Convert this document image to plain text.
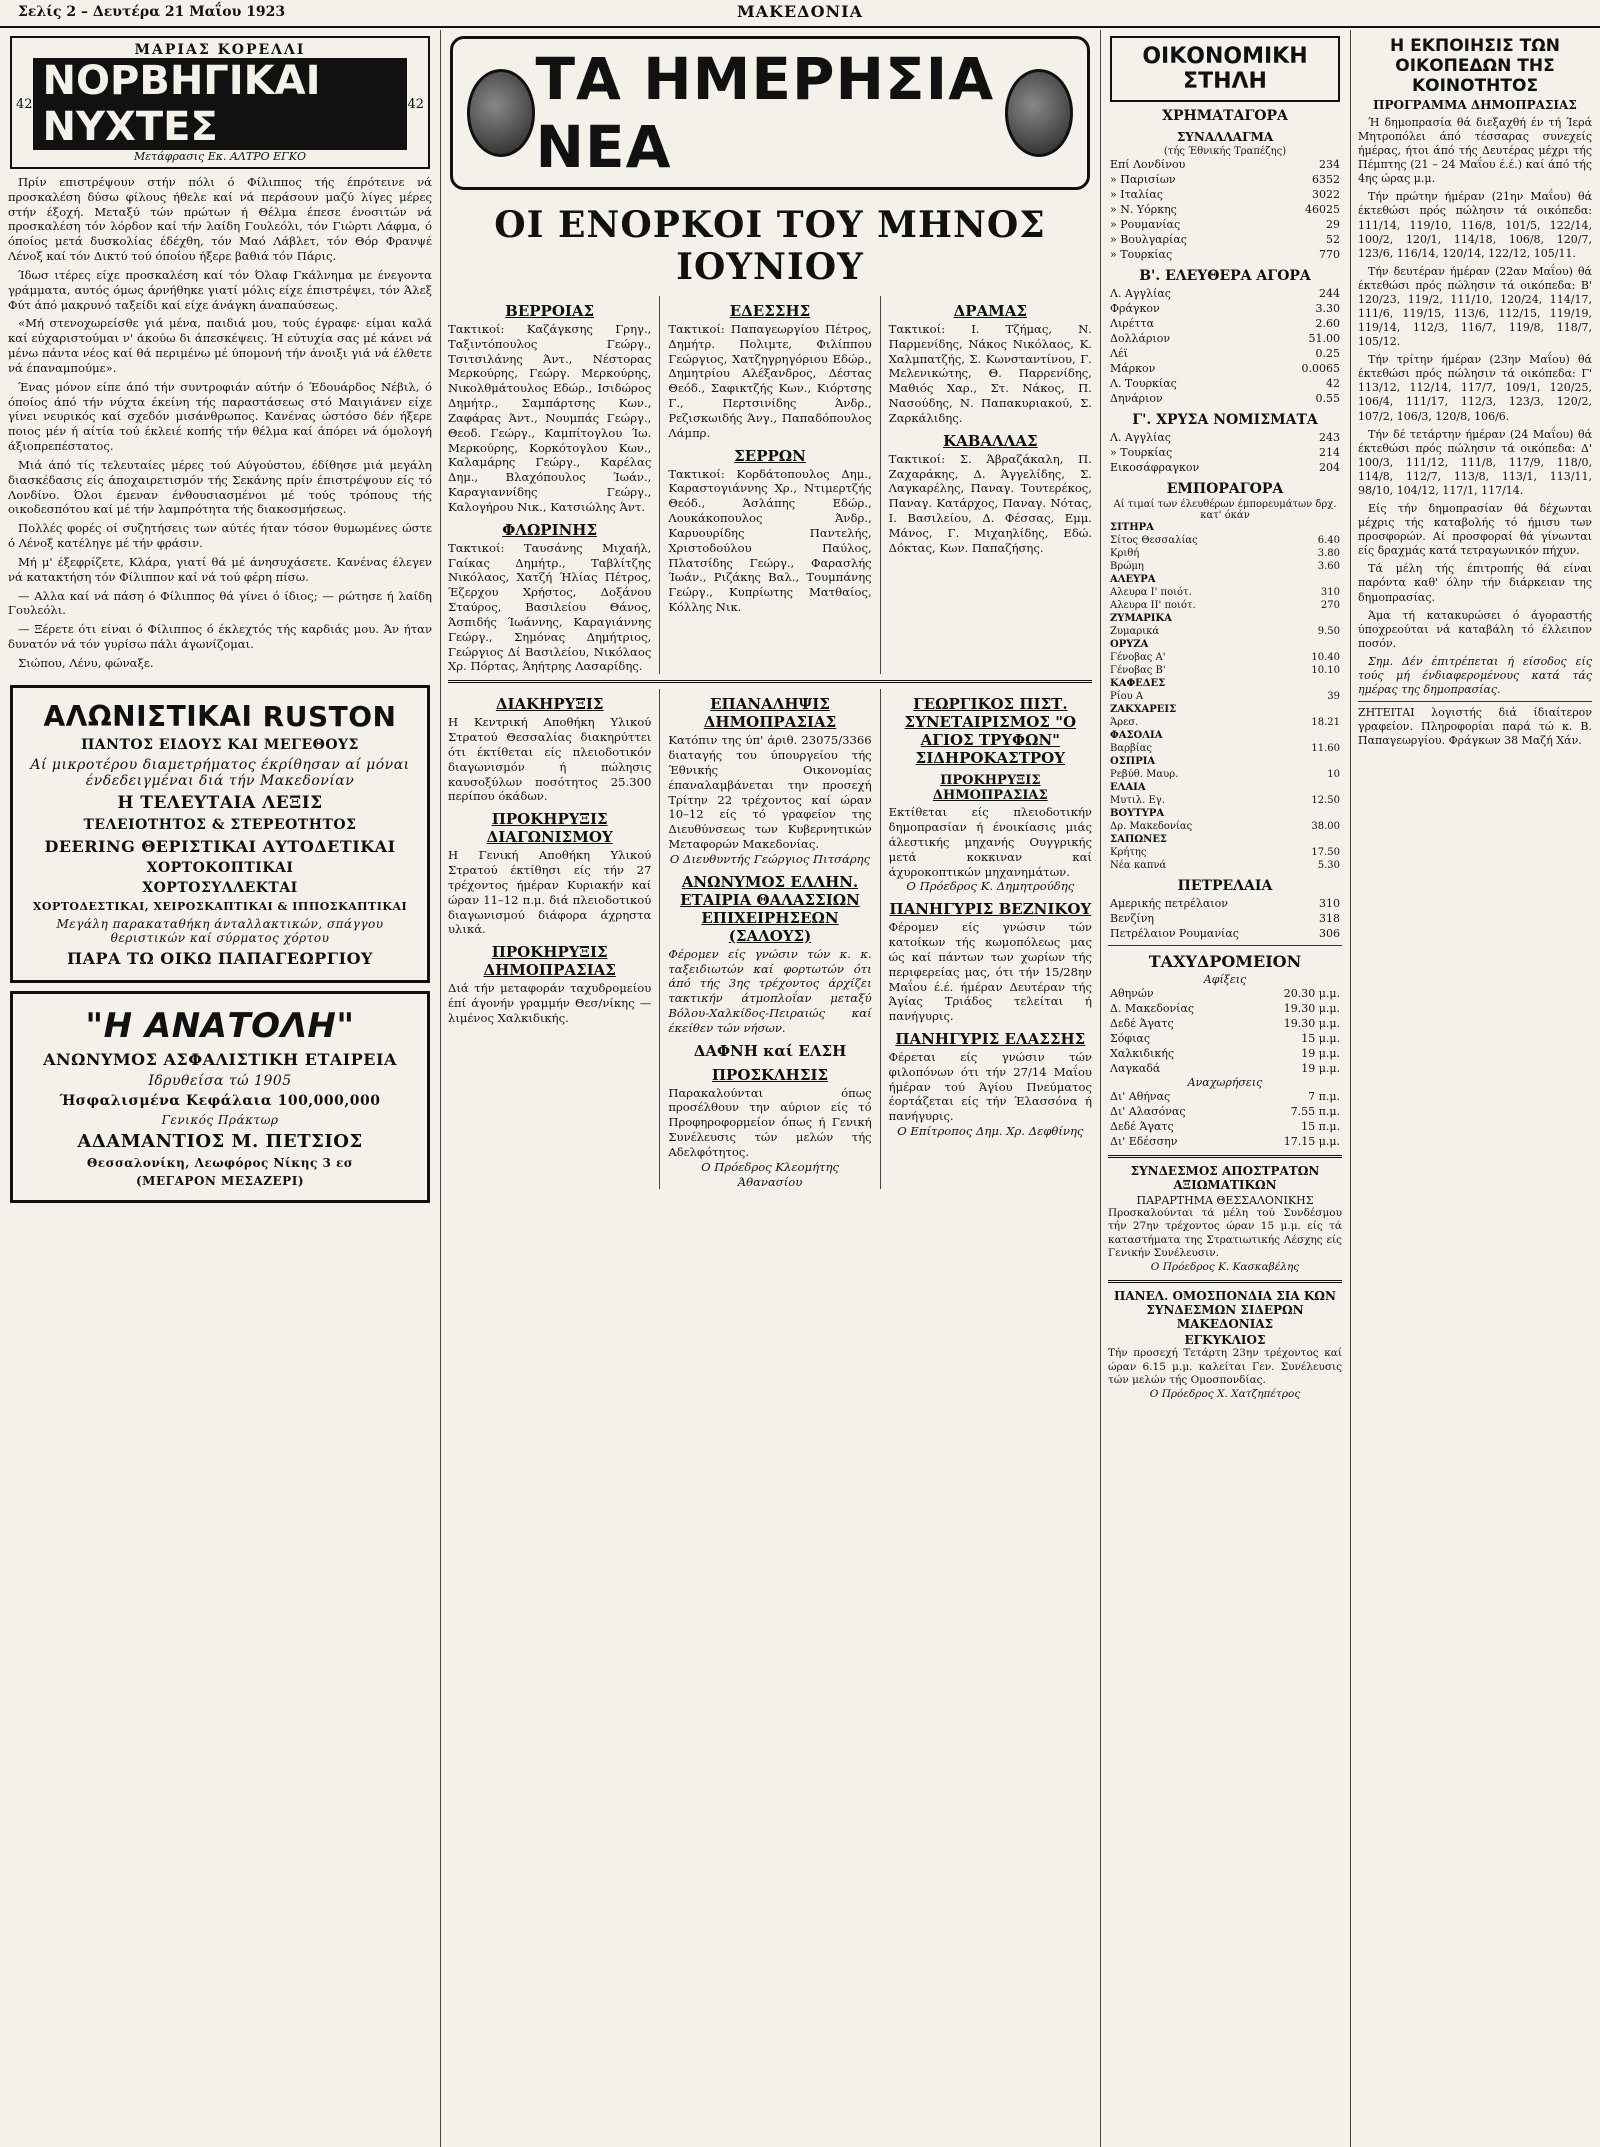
Σελίς 2 – Δευτέρα 21 Μαΐου 1923	ΜΑΚΕΔΟΝΙΑ
ΜΑΡΙΑΣ ΚΟΡΕΛΛΙ
42 ΝΟΡΒΗΓΙΚΑΙ ΝΥΧΤΕΣ	42
Μετάφρασις Εκ. ΑΛΤΡΟ ΕΓΚΟ

Πρίν επιστρέψουν στήν πόλι ό Φίλιππος τής έπρότεινε νά προσκαλέση δύσω φίλους ήθελε καί νά περάσουν μαζύ λίγες μέρες στήν έξοχή. Μεταξύ τών πρώτων ή Θέλμα έπεσε ένοσιτών νά προσκαλέση τόν λόρδον καί τήν λαίδη Γουλεόλι, τόν Γιώρτι Λάφμα, ό όποίος μετά δυσκολίας έδέχθη, τόν Μαό Λάβλετ, τόν Θόρ Φρανψέ Λένοξ καί τόν Δικτύ τού όποίου ήξερε βαθιά τόν Πάρις.

Ίδωσ ιτέρες είχε προσκαλέση καί τόν Όλαφ Γκάλνημα με ένεγοντα γράμματα, αυτός όμως άρνήθηκε γιατί μόλις είχε έπιστρέψει, τόν Άλεξ Φύτ άπό μακρυνό ταξείδι καί είχε άνάγκη άναπαύσεως.

«Μή στενοχωρείσθε γιά μένα, παιδιά μου, τούς έγραφε· είμαι καλά καί εύχαριστούμαι ν' άκούω δι άπεσκέψεις. Ή εύτυχία σας μέ κάνει νά μένω πάντα νέος καί θά περιμένω μέ ύπομονή τήν άνοιξι γιά νά έλθετε νά έπαναμπούμε».

Ένας μόνον είπε άπό τήν συντροφιάν αύτήν ό Έδουάρδος Νέβιλ, ό όποίος άπό τήν νύχτα έκείνη τής παραστάσεως στό Μαιγιάνεν είχε γίνει νευρικός καί σχεδόν μισάνθρωπος. Κανένας ώστόσο δέν ήξερε ποιος μέν ή αίτία τού έκλειέ κοπής τήν θέλμα καί άπόρει νά όμολογή άξιοπρεπέστατος.

Μιά άπό τίς τελευταίες μέρες τού Αύγούστου, έδίθησε μιά μεγάλη διασκέδασις είς άποχαιρετισμόν τής Σεκάνης πρίν έπιστρέψουν είς τό Λονδίνο. Όλοι έμεναν ένθουσιασμένοι μέ τούς τρόπους τής οικοδεσπότου καί μέ τήν λαμπρότητα τής διακοσμήσεως.

Πολλές φορές οί συζητήσεις των αύτές ήταν τόσον θυμωμένες ώστε ό Λένοξ κατέληγε μέ τήν φράσιν.

Μή μ' έξεφρίζετε, Κλάρα, γιατί θά μέ άνησυχάσετε. Κανένας έλεγεν νά κατακτήση τόν Φίλιππον καί νά τού φέρη πίσω.

— Αλλα καί νά πάση ό Φίλιππος θά γίνει ό ίδιος; — ρώτησε ή λαίδη Γουλεόλι.

— Ξέρετε ότι είναι ό Φίλιππος ό έκλεχτός τής καρδιάς μου. Άν ήταν δυνατόν νά τόν γυρίσω πάλι άγωνίζομαι.

Σιώπου, Λένυ, φώναξε.

ΑΛΩΝΙΣΤΙΚΑΙ RUSTON
ΠΑΝΤΟΣ ΕΙΔΟΥΣ ΚΑΙ ΜΕΓΕΘΟΥΣ
Αί μικροτέρου διαμετρήματος έκρίθησαν αί μόναι ένδεδειγμέναι διά τήν Μακεδονίαν
Η ΤΕΛΕΥΤΑΙΑ ΛΕΞΙΣ
ΤΕΛΕΙΟΤΗΤΟΣ & ΣΤΕΡΕΟΤΗΤΟΣ
DEERING ΘΕΡΙΣΤΙΚΑΙ ΑΥΤΟΔΕΤΙΚΑΙ
ΧΟΡΤΟΚΟΠΤΙΚΑΙ
ΧΟΡΤΟΣΥΛΛΕΚΤΑΙ
ΧΟΡΤΟΔΕΣΤΙΚΑΙ, ΧΕΙΡΟΣΚΑΠΤΙΚΑΙ & ΙΠΠΟΣΚΑΠΤΙΚΑΙ
Μεγάλη παρακαταθήκη άνταλλακτικών, σπάγγου θεριστικών καί σύρματος χόρτου
ΠΑΡΑ ΤΩ ΟΙΚΩ ΠΑΠΑΓΕΩΡΓΙΟΥ
"Η ΑΝΑΤΟΛΗ"
ΑΝΩΝΥΜΟΣ ΑΣΦΑΛΙΣΤΙΚΗ ΕΤΑΙΡΕΙΑ
Ιδρυθείσα τώ 1905
Ήσφαλισμένα Κεφάλαια 100,000,000
Γενικός Πράκτωρ
ΑΔΑΜΑΝΤΙΟΣ Μ. ΠΕΤΣΙΟΣ
Θεσσαλονίκη, Λεωφόρος Νίκης 3 εσ
(ΜΕΓΑΡΟΝ ΜΕΣΑΖΕΡΙ)
ΤΑ ΗΜΕΡΗΣΙΑ ΝΕΑ
ΟΙ ΕΝΟΡΚΟΙ ΤΟΥ ΜΗΝΟΣ ΙΟΥΝΙΟΥ
ΒΕΡΡΟΙΑΣ
Τακτικοί: Καζάγκσης Γρηγ., Ταξιντόπουλος Γεώργ., Τσιτσιλάνης Άντ., Νέστορας Μερκούρης, Γεώργ. Μερκούρης, Νικολθμάτουλος Εδώρ., Ισιδώρος Δημήτρ., Σαμπάρτσης Κων., Ζαφάρας Άντ., Νουμπάς Γεώργ., Θεοδ. Γεώργ., Καμπίτογλου Ίω. Μερκούρης, Κορκότογλου Κων., Καλαμάρης Γεώργ., Καρέλας Δημ., Βλαχόπουλος Ίωάν., Καραγιαννίδης Γεώργ., Καλογήρου Νικ., Κατσιώλης Άντ.
ΦΛΩΡΙΝΗΣ
Τακτικοί: Ταυσάνης Μιχαήλ, Γαίκας Δημήτρ., Ταβλίτζης Νικόλαος, Χατζή Ήλίας Πέτρος, Έζερχου Χρήστος, Δοξάνου Σταύρος, Βασιλείου Θάνος, Άσπιδής Ίωάννης, Καραγιάννης Γεώργ., Σημόνας Δημήτριος, Γεώργιος Δί Βασιλείου, Νικόλαος Χρ. Πόρτας, Άηήτρης Λασαρίδης.
ΕΔΕΣΣΗΣ
Τακτικοί: Παπαγεωργίου Πέτρος, Δημήτρ. Πολιμτε, Φιλίππου Γεώργιος, Χατζηγρηγόριου Εδώρ., Δημητρίου Αλέξανδρος, Δέστας Θεόδ., Σαφικτζής Κων., Κιόρτσης Γ., Περτσινίδης Άνδρ., Ρεζισκωιδής Άνγ., Παπαδόπουλος Λάμπρ.
ΣΕΡΡΩΝ
Τακτικοί: Κορδάτοπουλος Δημ., Καραστογιάννης Χρ., Ντιμερτζής Θεόδ., Άσλάπης Εδώρ., Λουκάκοπουλος Άνδρ., Καρυουρίδης Παντελής, Χριστοδούλου Παύλος, Πλατσίδης Γεώργ., Φαρασλής Ίωάν., Ριζάκης Βαλ., Τουμπάνης Γεώργ., Κυπρίωτης Ματθαίος, Κόλλης Νικ.
ΔΡΑΜΑΣ
Τακτικοί: Ι. Τζήμας, Ν. Παρμενίδης, Νάκος Νικόλαος, Κ. Χαλμπατζής, Σ. Κωνσταντίνου, Γ. Μελενικώτης, Θ. Παρρενίδης, Μαθιός Χαρ., Στ. Νάκος, Π. Νασούδης, Ν. Παπακυριακού, Σ. Ζαρκάλιδης.
ΚΑΒΑΛΛΑΣ
Τακτικοί: Σ. Άβραζάκαλη, Π. Ζαχαράκης, Δ. Άγγελίδης, Σ. Λαγκαρέλης, Παναγ. Τουτερέκος, Παναγ. Κατάρχος, Παναγ. Νότας, Ι. Βασιλείου, Δ. Φέσσας, Εμμ. Μάνος, Γ. Μιχαηλίδης, Εδώ. Δόκτας, Κων. Παπαζήσης.
ΔΙΑΚΗΡΥΞΙΣ
Η Κεντρική Αποθήκη Υλικού Στρατού Θεσσαλίας διακηρύττει ότι έκτίθεται είς πλειοδοτικόν διαγωνισμόν ή πώλησις καυσοξύλων ποσότητος 25.300 περίπου όκάδων.
ΠΡΟΚΗΡΥΞΙΣ ΔΙΑΓΩΝΙΣΜΟΥ
Η Γενική Αποθήκη Υλικού Στρατού έκτίθησι είς τήν 27 τρέχοντος ήμέραν Κυριακήν καί ώραν 11–12 π.μ. διά πλειοδοτικού διαγωνισμού διάφορα άχρηστα υλικά.
ΠΡΟΚΗΡΥΞΙΣ ΔΗΜΟΠΡΑΣΙΑΣ
Διά τήν μεταφοράν ταχυδρομείου έπί άγονήν γραμμήν Θεσ/νίκης — λιμένος Χαλκιδικής.
ΕΠΑΝΑΛΗΨΙΣ ΔΗΜΟΠΡΑΣΙΑΣ
Κατόπιν της ύπ' άριθ. 23075/3366 διαταγής του ύπουργείου τής Έθνικής Οικονομίας έπαναλαμβάνεται την προσεχή Τρίτην 22 τρέχοντος καί ώραν 10–12 είς τό γραφείον της Διευθύνσεως των Κυβερνητικών Μεταφορών Μακεδονίας.
Ο Διευθυντής Γεώργιος Πιτσάρης
ΑΝΩΝΥΜΟΣ ΕΛΛΗΝ. ΕΤΑΙΡΙΑ ΘΑΛΑΣΣΙΩΝ ΕΠΙΧΕΙΡΗΣΕΩΝ (ΣΑΛΟΥΣ)
Φέρομεν είς γνώσιν τών κ. κ. ταξειδιωτών καί φορτωτών ότι άπό τής 3ης τρέχοντος άρχίζει τακτικήν άτμοπλοΐαν μεταξύ Βόλου-Χαλκίδος-Πειραιώς καί έκείθεν τών νήσων.
ΔΑΦΝΗ καί ΕΛΣΗ
ΠΡΟΣΚΛΗΣΙΣ
Παρακαλούνται όπως προσέλθουν την αύριον είς τό Προφηροφορμείον όπως ή Γενική Συνέλευσις τών μελών τής Αδελφότητος.
Ο Πρόεδρος Κλεομήτης Άθανασίου
ΓΕΩΡΓΙΚΟΣ ΠΙΣΤ. ΣΥΝΕΤΑΙΡΙΣΜΟΣ "Ο ΑΓΙΟΣ ΤΡΥΦΩΝ" ΣΙΔΗΡΟΚΑΣΤΡΟΥ
ΠΡΟΚΗΡΥΞΙΣ ΔΗΜΟΠΡΑΣΙΑΣ
Εκτίθεται είς πλειοδοτικήν δημοπρασίαν ή ένοικίασις μιάς άλεστικής μηχανής Ουγγρικής μετά κοκκιναν καί άχυροκοπτικών μηχανημάτων.
Ο Πρόεδρος Κ. Δημητρούδης
ΠΑΝΗΓΥΡΙΣ ΒΕΖΝΙΚΟΥ
Φέρομεν είς γνώσιν τών κατοίκων τής κωμοπόλεως μας ώς καί πάντων των χωρίων τής περιφερείας μας, ότι τήν 15/28ην Μαΐου έ.έ. ήμέραν Δευτέραν τής Άγίας Τριάδος τελείται ή πανήγυρις.
ΠΑΝΗΓΥΡΙΣ ΕΛΑΣΣΗΣ
Φέρεται είς γνώσιν τών φιλοπόνων ότι τήν 27/14 Μαΐου ήμέραν τού Άγίου Πνεύματος έορτάζεται είς τήν Έλασσόνα ή πανήγυρις.
Ο Επίτροπος Δημ. Χρ. Δεφθίνης
ΟΙΚΟΝΟΜΙΚΗ ΣΤΗΛΗ
ΧΡΗΜΑΤΑΓΟΡΑ
ΣΥΝΑΛΛΑΓΜΑ
(τής Έθνικής Τραπέζης)
Επί Λονδίνου	234
» Παρισίων	6352
» Ιταλίας	3022
» Ν. Υόρκης	46025
» Ρουμανίας	29
» Βουλγαρίας	52
» Τουρκίας	770
Β'. ΕΛΕΥΘΕΡΑ ΑΓΟΡΑ
Λ. Αγγλίας	244
Φράγκον	3.30
Λιρέττα	2.60
Δολλάριον	51.00
Λέϊ	0.25
Μάρκον	0.0065
Λ. Τουρκίας	42
Δηνάριον	0.55
Γ'. ΧΡΥΣΑ ΝΟΜΙΣΜΑΤΑ
Λ. Αγγλίας	243
» Τουρκίας	214
Εικοσάφραγκον	204
ΕΜΠΟΡΑΓΟΡΑ
Αί τιμαί των έλευθέρων έμπορευμάτων δρχ. κατ' όκάν
ΣΙΤΗΡΑ	
Σίτος Θεσσαλίας	6.40
Κριθή	3.80
Βρώμη	3.60
ΑΛΕΥΡΑ	
Αλευρα Ι' ποιότ.	310
Αλευρα ΙΙ' ποιότ.	270
ΖΥΜΑΡΙΚΑ	
Ζυμαρικά	9.50
ΟΡΥΖΑ	
Γένοβας Α'	10.40
Γένοβας Β'	10.10
ΚΑΦΕΔΕΣ	
Ρίου Α	39
ΖΑΚΧΑΡΕΙΣ	
Άρεσ.	18.21
ΦΑΣΟΛΙΑ	
Βαρβίας	11.60
ΟΣΠΡΙΑ	
Ρεβύθ. Μαυρ.	10
ΕΛΑΙΑ	
Μυτιλ. Εγ.	12.50
ΒΟΥΤΥΡΑ	
Δρ. Μακεδονίας	38.00
ΣΑΠΩΝΕΣ	
Κρήτης	17.50
Νέα καπνά	5.30
ΠΕΤΡΕΛΑΙΑ
Αμερικής πετρέλαιον	310
Βενζίνη	318
Πετρέλαιον Ρουμανίας	306
ΤΑΧΥΔΡΟΜΕΙΟΝ
Αφίξεις
Αθηνών	20.30 μ.μ.
Δ. Μακεδονίας	19.30 μ.μ.
Δεδέ Άγατς	19.30 μ.μ.
Σόφιας	15 μ.μ.
Χαλκιδικής	19 μ.μ.
Λαγκαδά	19 μ.μ.
Αναχωρήσεις
Δι' Αθήνας	7 π.μ.
Δι' Αλασόνας	7.55 π.μ.
Δεδέ Άγατς	15 π.μ.
Δι' Εδέσσην	17.15 μ.μ.
ΣΥΝΔΕΣΜΟΣ ΑΠΟΣΤΡΑΤΩΝ ΑΞΙΩΜΑΤΙΚΩΝ
ΠΑΡΑΡΤΗΜΑ ΘΕΣΣΑΛΟΝΙΚΗΣ
Προσκαλούνται τά μέλη τού Συνδέσμου τήν 27ην τρέχοντος ώραν 15 μ.μ. είς τά καταστήματα της Στρατιωτικής Λέσχης είς Γενικήν Συνέλευσιν.
Ο Πρόεδρος Κ. Κασκαβέλης
ΠΑΝΕΛ. ΟΜΟΣΠΟΝΔΙΑ ΣΙΑ ΚΩΝ ΣΥΝΔΕΣΜΩΝ ΣΙΔΕΡΩΝ ΜΑΚΕΔΟΝΙΑΣ
ΕΓΚΥΚΛΙΟΣ
Τήν προσεχή Τετάρτη 23ην τρέχοντος καί ώραν 6.15 μ.μ. καλείται Γεν. Συνέλευσις τών μελών τής Ομοσπονδίας.
Ο Πρόεδρος Χ. Χατζηπέτρος
Η ΕΚΠΟΙΗΣΙΣ ΤΩΝ ΟΙΚΟΠΕΔΩΝ ΤΗΣ ΚΟΙΝΟΤΗΤΟΣ
ΠΡΟΓΡΑΜΜΑ ΔΗΜΟΠΡΑΣΙΑΣ

Ή δημοπρασία θά διεξαχθή έν τή Ίερά Μητροπόλει άπό τέσσαρας συνεχείς ήμέρας, ήτοι άπό τής Δευτέρας μέχρι τής Πέμπτης (21 – 24 Μαΐου έ.έ.) καί άπό τής 4ης ώρας μ.μ.

Τήν πρώτην ήμέραν (21ην Μαΐου) θά έκτεθώσι πρός πώλησιν τά οικόπεδα: 111/14, 119/10, 116/8, 101/5, 122/14, 100/2, 120/1, 114/18, 106/8, 120/7, 123/6, 116/14, 120/14, 122/12, 105/11.

Τήν δευτέραν ήμέραν (22αν Μαΐου) θά έκτεθώσι πρός πώλησιν τά οικόπεδα: Β' 120/23, 119/2, 111/10, 120/24, 114/17, 111/6, 119/15, 113/6, 112/15, 119/19, 119/14, 112/3, 116/7, 119/8, 118/7, 105/12.

Τήν τρίτην ήμέραν (23ην Μαΐου) θά έκτεθώσι πρός πώλησιν τά οικόπεδα: Γ' 113/12, 112/14, 117/7, 109/1, 120/25, 106/4, 111/17, 112/3, 123/3, 120/2, 107/2, 106/3, 120/8, 106/6.

Τήν δέ τετάρτην ήμέραν (24 Μαΐου) θά έκτεθώσι πρός πώλησιν τά οικόπεδα: Δ' 100/3, 111/12, 111/8, 117/9, 118/0, 114/8, 112/7, 113/8, 113/1, 113/11, 98/10, 104/12, 117/1, 117/14.

Είς τήν δημοπρασίαν θά δέχωνται μέχρις τής καταβολής τό ήμισυ των προσφορών. Αί προσφοραί θά γίνωνται είς δραχμάς κατά τετραγωνικόν πήχυν.

Τά μέλη τής έπιτροπής θά είναι παρόντα καθ' όλην τήν διάρκειαν της δημοπρασίας.

Άμα τή κατακυρώσει ό άγοραστής ύποχρεούται νά καταβάλη τό έλλειπον ποσόν.

Σημ. Δέν έπιτρέπεται ή είσοδος είς τούς μή ένδιαφερομένους κατά τάς ημέρας της δημοπρασίας.

ΖΗΤΕΙΤΑΙ λογιστής διά ίδιαίτερον γραφείον. Πληροφορίαι παρά τώ κ. Β. Παπαγεωργίου. Φράγκων 38 Μαζή Χάν.
